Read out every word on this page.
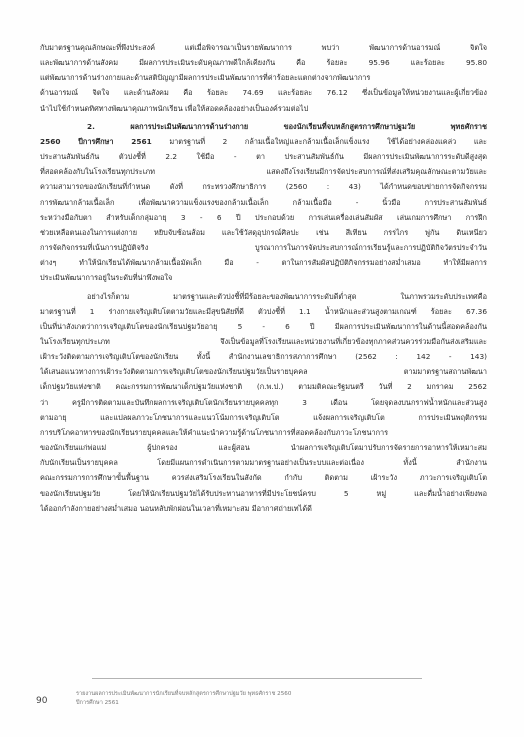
กับมาตรฐานคุณลักษณะที่พึงประสงค์ แต่เมื่อพิจารณาเป็นรายพัฒนาการ พบว่า พัฒนาการด้านอารมณ์ จิตใจ
และพัฒนาการด้านสังคม มีผลการประเมินระดับคุณภาพดีใกล้เคียงกัน คือ ร้อยละ 95.96 และร้อยละ 95.80
แต่พัฒนาการด้านร่างกายและด้านสติปัญญามีผลการประเมินพัฒนาการที่ค่าร้อยละแตกต่างจากพัฒนาการ
ด้านอารมณ์ จิตใจ และด้านสังคม คือ ร้อยละ 74.69 และร้อยละ 76.12 ซึ่งเป็นข้อมูลให้หน่วยงานและผู้เกี่ยวข้อง
นำไปใช้กำหนดทิศทางพัฒนาคุณภาพนักเรียน เพื่อให้สอดคล้องอย่างเป็นองค์รวมต่อไป
2. ผลการประเมินพัฒนาการด้านร่างกาย ของนักเรียนที่จบหลักสูตรการศึกษาปฐมวัย พุทธศักราช
2560 ปีการศึกษา 2561 มาตรฐานที่ 2 กล้ามเนื้อใหญ่และกล้ามเนื้อเล็กแข็งแรง ใช้ได้อย่างคล่องแคล่ว และ
ประสานสัมพันธ์กัน ตัวบ่งชี้ที่ 2.2 ใช้มือ - ตา ประสานสัมพันธ์กัน มีผลการประเมินพัฒนาการระดับดีสูงสุด
ที่สอดคล้องกับในโรงเรียนทุกประเภท แสดงถึงโรงเรียนมีการจัดประสบการณ์ที่ส่งเสริมคุณลักษณะตามวัยและ
ความสามารถของนักเรียนที่กำหนด ดังที่ กระทรวงศึกษาธิการ (2560 : 43) ได้กำหนดขอบข่ายการจัดกิจกรรม
การพัฒนากล้ามเนื้อเล็ก เพื่อพัฒนาความแข็งแรงของกล้ามเนื้อเล็ก กล้ามเนื้อมือ - นิ้วมือ การประสานสัมพันธ์
ระหว่างมือกับตา สำหรับเด็กกลุ่มอายุ 3 - 6 ปี ประกอบด้วย การเล่นเครื่องเล่นสัมผัส เล่นเกมการศึกษา การฝึก
ช่วยเหลือตนเองในการแต่งกาย หยิบจับช้อนส้อม และใช้วัสดุอุปกรณ์ศิลปะ เช่น สีเทียน กรรไกร พู่กัน ดินเหนียว
การจัดกิจกรรมที่เน้นการปฏิบัติจริง บูรณาการในการจัดประสบการณ์การเรียนรู้และการปฏิบัติกิจวัตรประจำวัน
ต่างๆ ทำให้นักเรียนได้พัฒนากล้ามเนื้อมัดเล็ก มือ - ตาในการสัมผัสปฏิบัติกิจกรรมอย่างสม่ำเสมอ ทำให้มีผลการ
ประเมินพัฒนาการอยู่ในระดับที่น่าพึงพอใจ
อย่างไรก็ตาม มาตรฐานและตัวบ่งชี้ที่มีร้อยละของพัฒนาการระดับดีต่ำสุด ในภาพรวมระดับประเทศคือ
มาตรฐานที่ 1 ร่างกายเจริญเติบโตตามวัยและมีสุขนิสัยที่ดี ตัวบ่งชี้ที่ 1.1 น้ำหนักและส่วนสูงตามเกณฑ์ ร้อยละ 67.36
เป็นที่น่าสังเกตว่าการเจริญเติบโตของนักเรียนปฐมวัยอายุ 5 - 6 ปี มีผลการประเมินพัฒนาการในด้านนี้สอดคล้องกัน
ในโรงเรียนทุกประเภท จึงเป็นข้อมูลที่โรงเรียนและหน่วยงานที่เกี่ยวข้องทุกภาคส่วนควรร่วมมือกันส่งเสริมและ
เฝ้าระวังติดตามการเจริญเติบโตของนักเรียน ทั้งนี้ สำนักงานเลขาธิการสภาการศึกษา (2562 : 142 - 143)
ได้เสนอแนวทางการเฝ้าระวังติดตามการเจริญเติบโตของนักเรียนปฐมวัยเป็นรายบุคคล ตามมาตรฐานสถานพัฒนา
เด็กปฐมวัยแห่งชาติ คณะกรรมการพัฒนาเด็กปฐมวัยแห่งชาติ (ก.พ.ป.) ตามมติคณะรัฐมนตรี วันที่ 2 มกราคม 2562
ว่า ครูมีการติดตามและบันทึกผลการเจริญเติบโตนักเรียนรายบุคคลทุก 3 เดือน โดยจุดลงบนกราฟน้ำหนักและส่วนสูง
ตามอายุ และแปลผลภาวะโภชนาการและแนวโน้มการเจริญเติบโต แจ้งผลการเจริญเติบโต การประเมินพฤติกรรม
การบริโภคอาหารของนักเรียนรายบุคคลและให้คำแนะนำความรู้ด้านโภชนาการที่สอดคล้องกับภาวะโภชนาการ
ของนักเรียนแก่พ่อแม่ ผู้ปกครอง และผู้สอน นำผลการเจริญเติบโตมาปรับการจัดรายการอาหารให้เหมาะสม
กับนักเรียนเป็นรายบุคคล โดยมีแผนการดำเนินการตามมาตรฐานอย่างเป็นระบบและต่อเนื่อง ทั้งนี้ สำนักงาน
คณะกรรมการการศึกษาขั้นพื้นฐาน ควรส่งเสริมโรงเรียนในสังกัด กำกับ ติดตาม เฝ้าระวัง ภาวะการเจริญเติบโต
ของนักเรียนปฐมวัย โดยให้นักเรียนปฐมวัยได้รับประทานอาหารที่มีประโยชน์ครบ 5 หมู่ และดื่มน้ำอย่างเพียงพอ
ได้ออกกำลังกายอย่างสม่ำเสมอ นอนหลับพักผ่อนในเวลาที่เหมาะสม มีอากาศถ่ายเทได้ดี
90
รายงานผลการประเมินพัฒนาการนักเรียนที่จบหลักสูตรการศึกษาปฐมวัย พุทธศักราช 2560
ปีการศึกษา 2561
